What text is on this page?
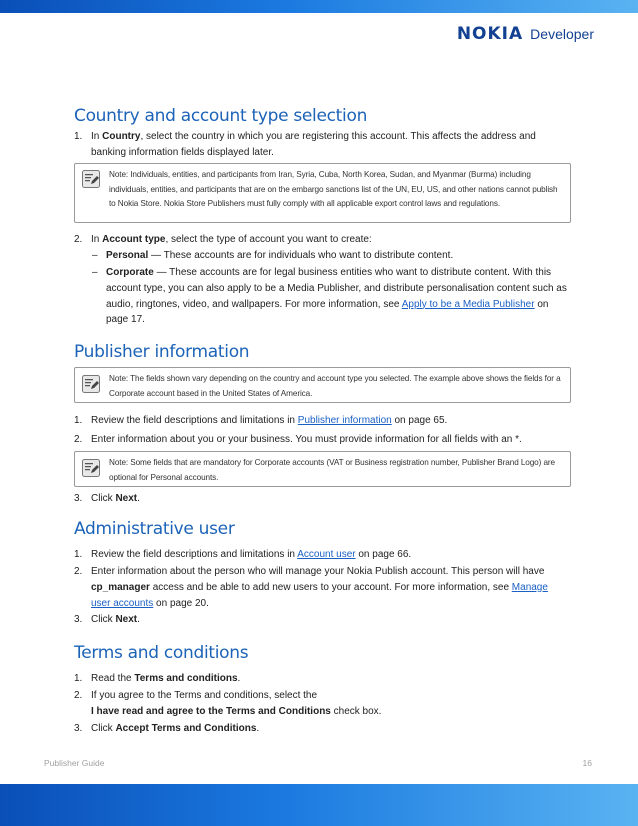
NOKIA Developer
Country and account type selection
1. In Country, select the country in which you are registering this account. This affects the address and banking information fields displayed later.
Note: Individuals, entities, and participants from Iran, Syria, Cuba, North Korea, Sudan, and Myanmar (Burma) including individuals, entities, and participants that are on the embargo sanctions list of the UN, EU, US, and other nations cannot publish to Nokia Store. Nokia Store Publishers must fully comply with all applicable export control laws and regulations.
2. In Account type, select the type of account you want to create:
– Personal — These accounts are for individuals who want to distribute content.
– Corporate — These accounts are for legal business entities who want to distribute content. With this account type, you can also apply to be a Media Publisher, and distribute personalisation content such as audio, ringtones, video, and wallpapers. For more information, see Apply to be a Media Publisher on page 17.
Publisher information
Note: The fields shown vary depending on the country and account type you selected. The example above shows the fields for a Corporate account based in the United States of America.
1. Review the field descriptions and limitations in Publisher information on page 65.
2. Enter information about you or your business. You must provide information for all fields with an *.
Note: Some fields that are mandatory for Corporate accounts (VAT or Business registration number, Publisher Brand Logo) are optional for Personal accounts.
3. Click Next.
Administrative user
1. Review the field descriptions and limitations in Account user on page 66.
2. Enter information about the person who will manage your Nokia Publish account. This person will have cp_manager access and be able to add new users to your account. For more information, see Manage user accounts on page 20.
3. Click Next.
Terms and conditions
1. Read the Terms and conditions.
2. If you agree to the Terms and conditions, select the
I have read and agree to the Terms and Conditions check box.
3. Click Accept Terms and Conditions.
Publisher Guide	16
